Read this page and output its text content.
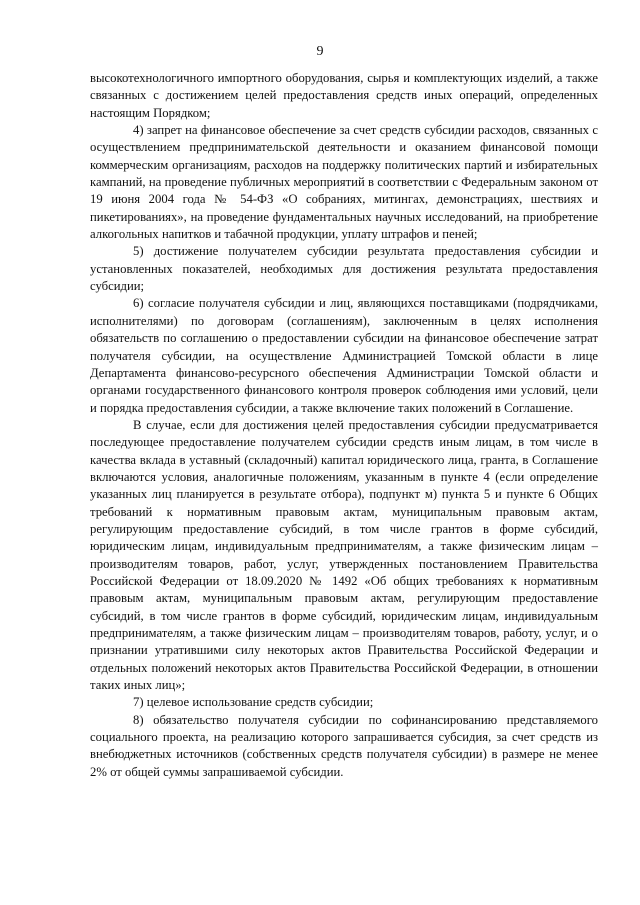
9

высокотехнологичного импортного оборудования, сырья и комплектующих изделий, а также связанных с достижением целей предоставления средств иных операций, определенных настоящим Порядком;

4) запрет на финансовое обеспечение за счет средств субсидии расходов, связанных с осуществлением предпринимательской деятельности и оказанием финансовой помощи коммерческим организациям, расходов на поддержку политических партий и избирательных кампаний, на проведение публичных мероприятий в соответствии с Федеральным законом от 19 июня 2004 года № 54-ФЗ «О собраниях, митингах, демонстрациях, шествиях и пикетированиях», на проведение фундаментальных научных исследований, на приобретение алкогольных напитков и табачной продукции, уплату штрафов и пеней;

5) достижение получателем субсидии результата предоставления субсидии и установленных показателей, необходимых для достижения результата предоставления субсидии;

6) согласие получателя субсидии и лиц, являющихся поставщиками (подрядчиками, исполнителями) по договорам (соглашениям), заключенным в целях исполнения обязательств по соглашению о предоставлении субсидии на финансовое обеспечение затрат получателя субсидии, на осуществление Администрацией Томской области в лице Департамента финансово-ресурсного обеспечения Администрации Томской области и органами государственного финансового контроля проверок соблюдения ими условий, цели и порядка предоставления субсидии, а также включение таких положений в Соглашение.

В случае, если для достижения целей предоставления субсидии предусматривается последующее предоставление получателем субсидии средств иным лицам, в том числе в качества вклада в уставный (складочный) капитал юридического лица, гранта, в Соглашение включаются условия, аналогичные положениям, указанным в пункте 4 (если определение указанных лиц планируется в результате отбора), подпункт м) пункта 5 и пункте 6 Общих требований к нормативным правовым актам, муниципальным правовым актам, регулирующим предоставление субсидий, в том числе грантов в форме субсидий, юридическим лицам, индивидуальным предпринимателям, а также физическим лицам – производителям товаров, работ, услуг, утвержденных постановлением Правительства Российской Федерации от 18.09.2020 № 1492 «Об общих требованиях к нормативным правовым актам, муниципальным правовым актам, регулирующим предоставление субсидий, в том числе грантов в форме субсидий, юридическим лицам, индивидуальным предпринимателям, а также физическим лицам – производителям товаров, работу, услуг, и о признании утратившими силу некоторых актов Правительства Российской Федерации и отдельных положений некоторых актов Правительства Российской Федерации, в отношении таких иных лиц»;

7) целевое использование средств субсидии;

8) обязательство получателя субсидии по софинансированию представляемого социального проекта, на реализацию которого запрашивается субсидия, за счет средств из внебюджетных источников (собственных средств получателя субсидии) в размере не менее 2% от общей суммы запрашиваемой субсидии.
